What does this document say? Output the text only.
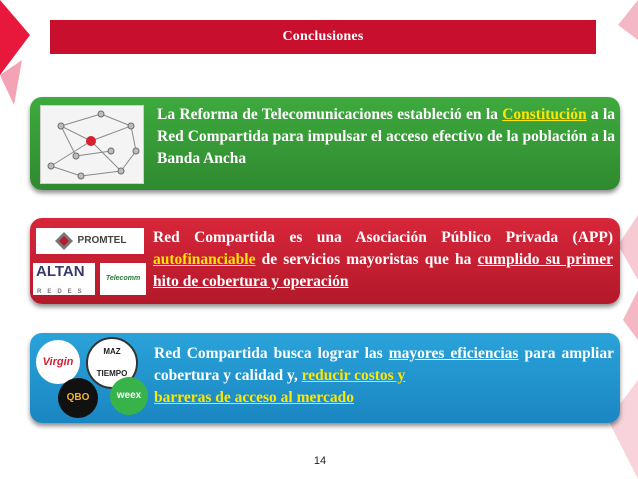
Conclusiones
La Reforma de Telecomunicaciones estableció en la Constitución a la Red Compartida para impulsar el acceso efectivo de la población a la Banda Ancha
PROMTEL
ALTAN
REDES
Telecomm
Red Compartida es una Asociación Público Privada (APP) autofinanciable de servicios mayoristas que ha cumplido su primer hito de cobertura y operación
Virgin
MAZ TIEMPO
QBO	weex
Red Compartida busca lograr las mayores eficiencias para ampliar cobertura y calidad y, reducir costos y
barreras de acceso al mercado
14
